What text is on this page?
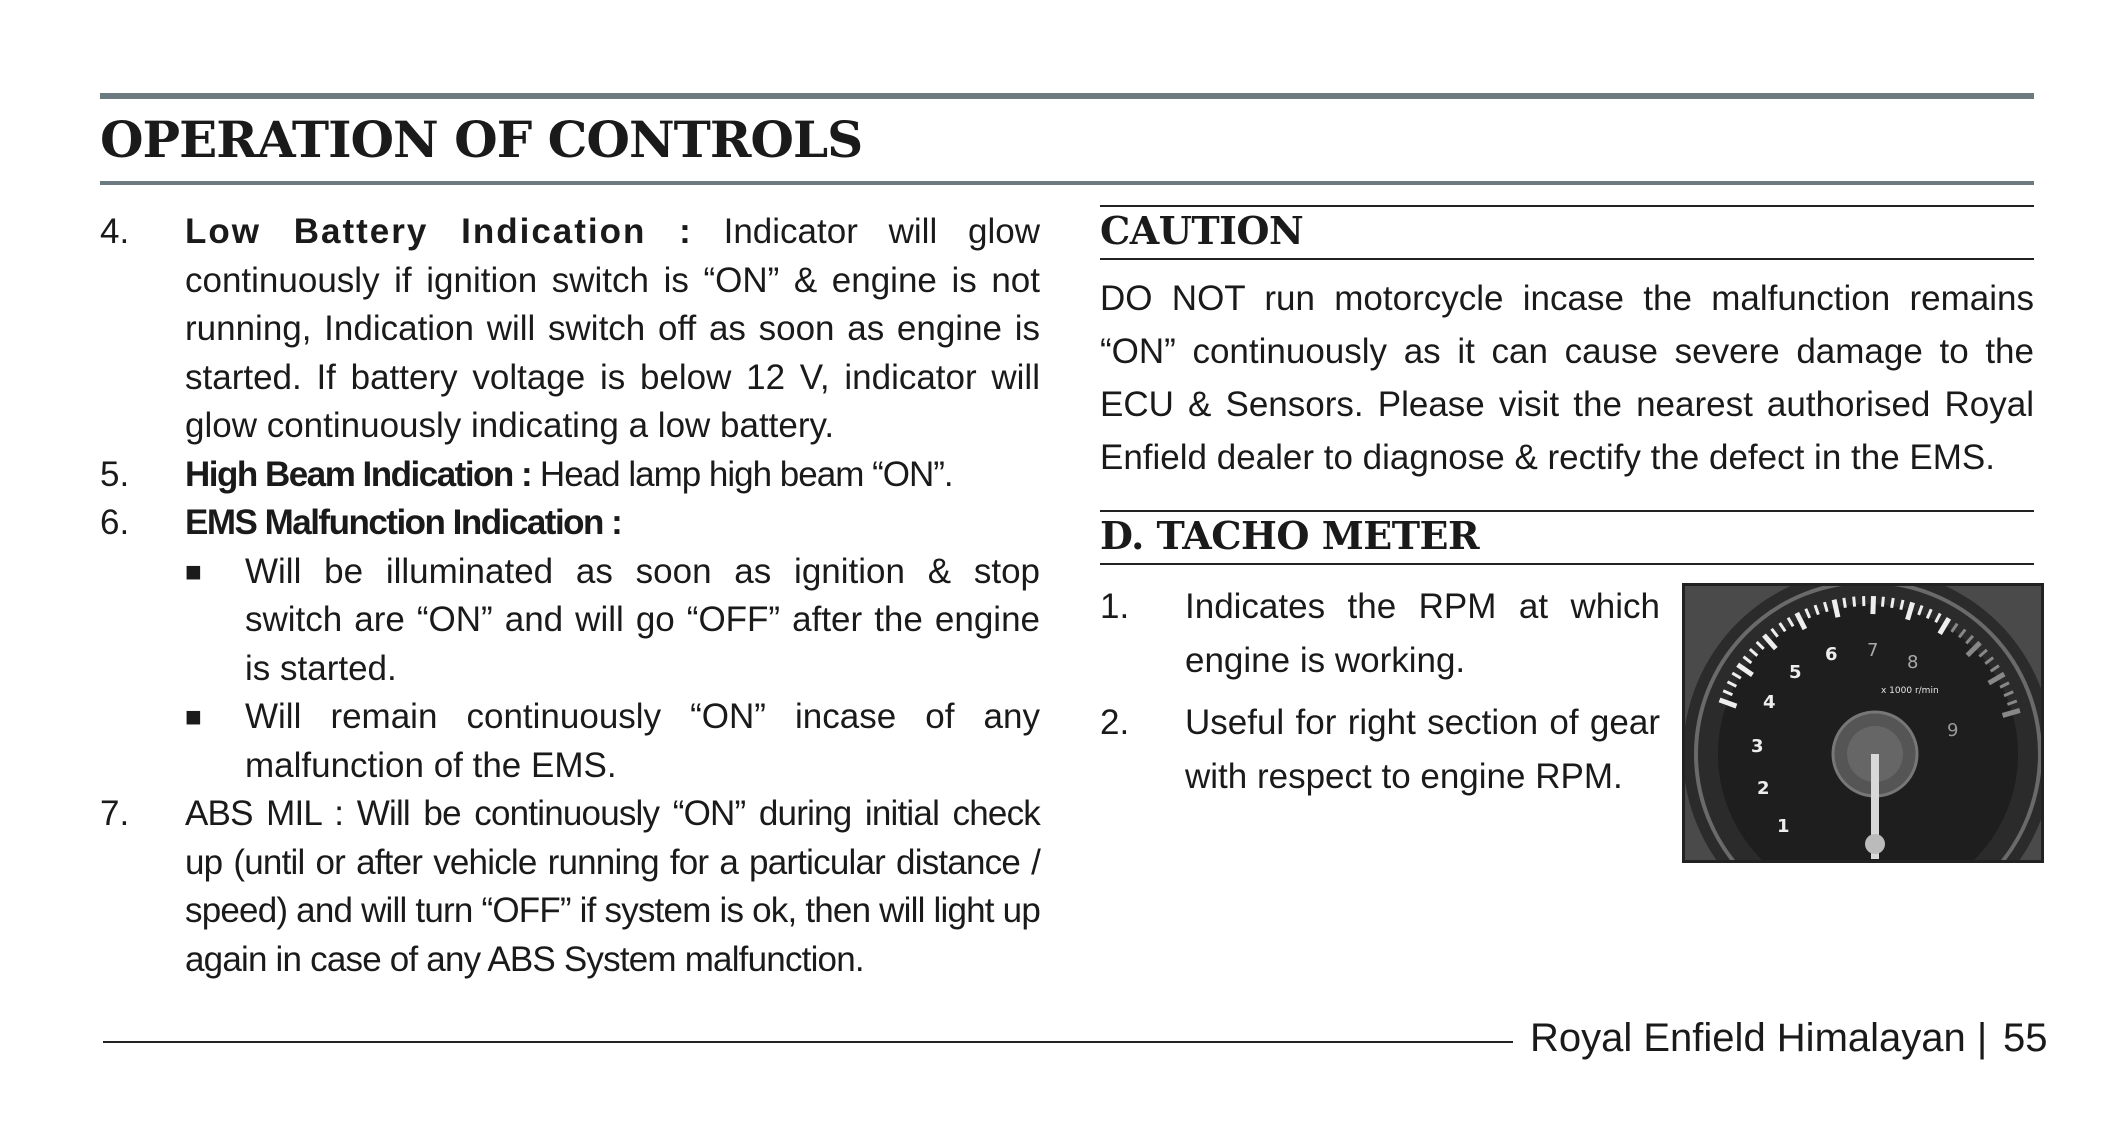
OPERATION OF CONTROLS
4.	Low Battery Indication : Indicator will glow continuously if ignition switch is “ON” & engine is not running, Indication will switch off as soon as engine is started. If battery voltage is below 12 V, indicator will glow continuously indicating a low battery.
5.	High Beam Indication : Head lamp high beam “ON”.
6.	EMS Malfunction Indication :
■	Will be illuminated as soon as ignition & stop switch are “ON” and will go “OFF” after the engine is started.
■	Will remain continuously “ON” incase of any malfunction of the EMS.
7.	ABS MIL : Will be continuously “ON” during initial check up (until or after vehicle running for a particular distance / speed) and will turn “OFF” if system is ok, then will light up again in case of any ABS System malfunction.
CAUTION
DO NOT run motorcycle incase the malfunction remains “ON” continuously as it can cause severe damage to the ECU & Sensors. Please visit the nearest authorised Royal Enfield dealer to diagnose & rectify the defect in the EMS.
D. TACHO METER
1.	Indicates the RPM at which engine is working.
2.	Useful for right section of gear with respect to engine RPM.
x 1000 r/min
1
2
3
4
5
6 7
8
9
Royal Enfield Himalayan | 55
